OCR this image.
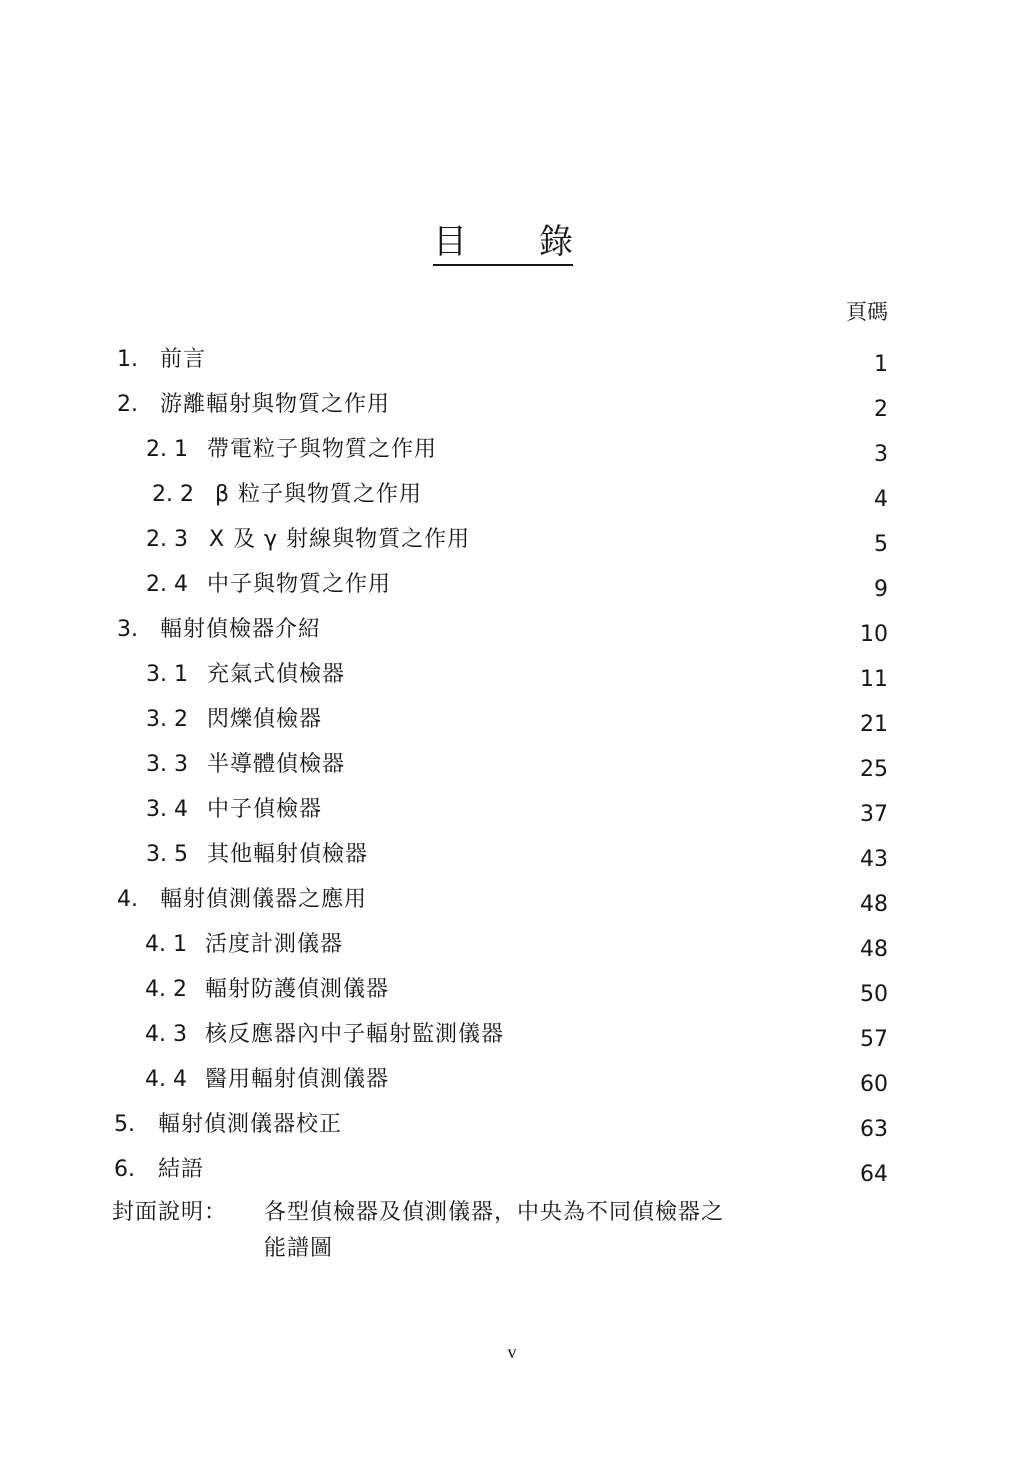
目 錄
頁碼
1. 前言	1
2. 游離輻射與物質之作用	2
2. 1 帶電粒子與物質之作用	3
2. 2 β 粒子與物質之作用	4
2. 3 X 及 γ 射線與物質之作用	5
2. 4 中子與物質之作用	9
3. 輻射偵檢器介紹	10
3. 1 充氣式偵檢器	11
3. 2 閃爍偵檢器	21
3. 3 半導體偵檢器	25
3. 4 中子偵檢器	37
3. 5 其他輻射偵檢器	43
4. 輻射偵測儀器之應用	48
4. 1 活度計測儀器	48
4. 2 輻射防護偵測儀器	50
4. 3 核反應器內中子輻射監測儀器	57
4. 4 醫用輻射偵測儀器	60
5. 輻射偵測儀器校正	63
6. 結語	64
封面說明： 各型偵檢器及偵測儀器，中央為不同偵檢器之
能譜圖
v
